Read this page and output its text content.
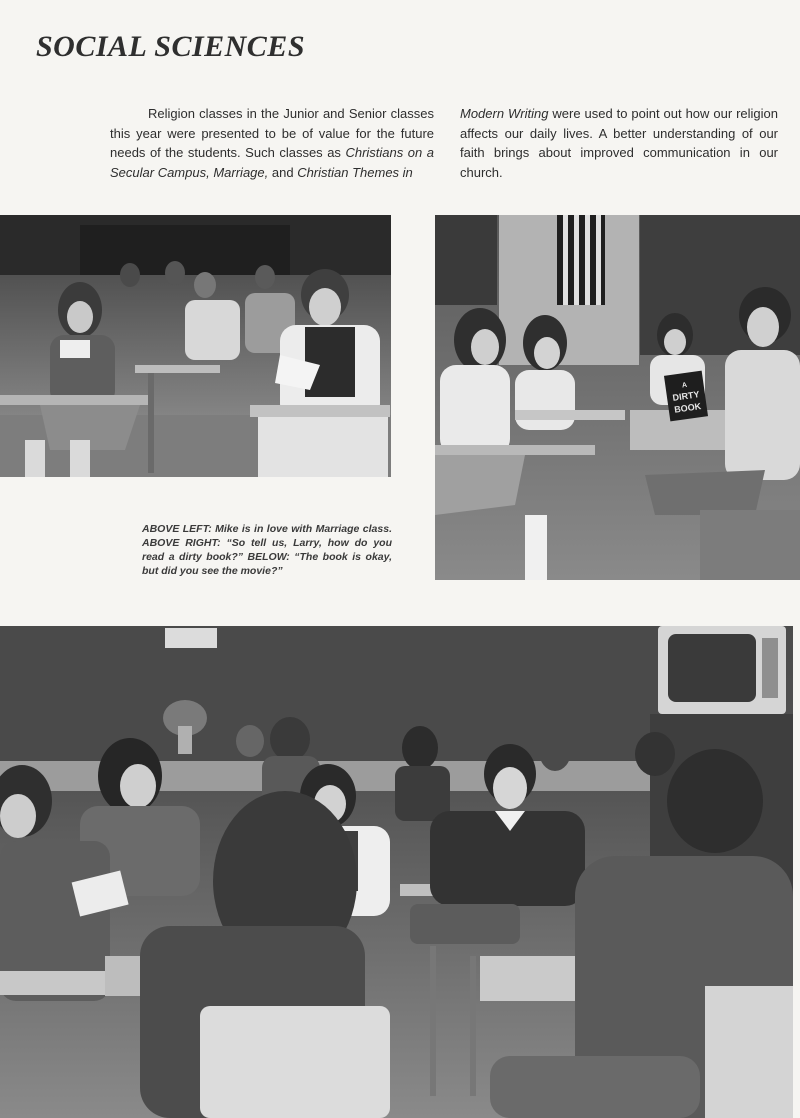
SOCIAL SCIENCES

Religion classes in the Junior and Senior classes this year were presented to be of value for the future needs of the students. Such classes as Christians on a Secular Campus, Marriage, and Christian Themes in

Modern Writing were used to point out how our religion affects our daily lives. A better understanding of our faith brings about improved communication in our church.

A
DIRTY
BOOK

ABOVE LEFT: Mike is in love with Marriage class. ABOVE RIGHT: “So tell us, Larry, how do you read a dirty book?” BELOW: “The book is okay, but did you see the movie?”
